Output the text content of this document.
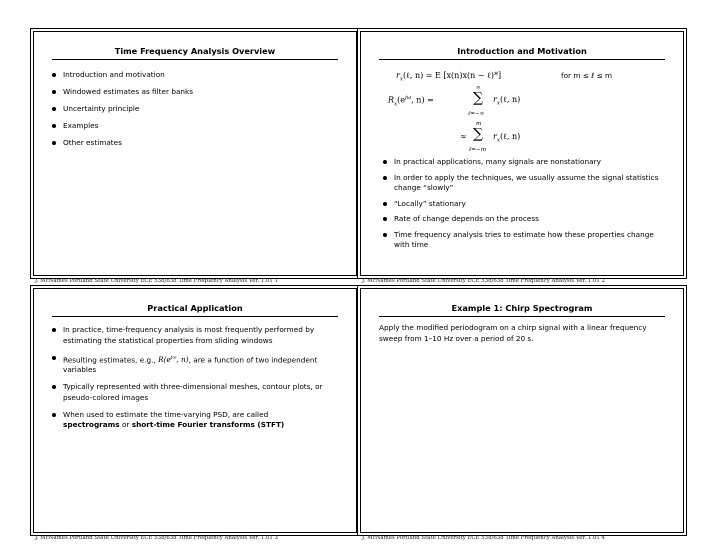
Time Frequency Analysis Overview
Introduction and motivation
Windowed estimates as filter banks
Uncertainty principle
Examples
Other estimates
Introduction and Motivation
$r_x(\ell$, n) = E [x(n)x(n − ℓ)*]	for m ≤ ℓ ≤ m
$R_x(e^{j\omega}$, n) =
∞
∑
ℓ=−∞
$r_x(\ell$, n)
≈
m
∑
ℓ=−m
$r_x(\ell$, n)
In practical applications, many signals are nonstationary
In order to apply the techniques, we usually assume the signal statistics change “slowly”
“Locally” stationary
Rate of change depends on the process
Time frequency analysis tries to estimate how these properties change with time
Practical Application
In practice, time-frequency analysis is most frequently performed by estimating the statistical properties from sliding windows
Resulting estimates, e.g., $R(e^{j\omega}$, n), are a function of two independent variables
Typically represented with three-dimensional meshes, contour plots, or pseudo-colored images
When used to estimate the time-varying PSD, are called
spectrograms or short-time Fourier transforms (STFT)
Example 1: Chirp Spectrogram
Apply the modified periodogram on a chirp signal with a linear frequency sweep from 1–10 Hz over a period of 20 s.
J. McNames Portland State University ECE 538/638 Time Frequency Analysis Ver. 1.01 1	J. McNames Portland State University ECE 538/638 Time Frequency Analysis Ver. 1.01 2
J. McNames Portland State University ECE 538/638 Time Frequency Analysis Ver. 1.01 3	J. McNames Portland State University ECE 538/638 Time Frequency Analysis Ver. 1.01 4
